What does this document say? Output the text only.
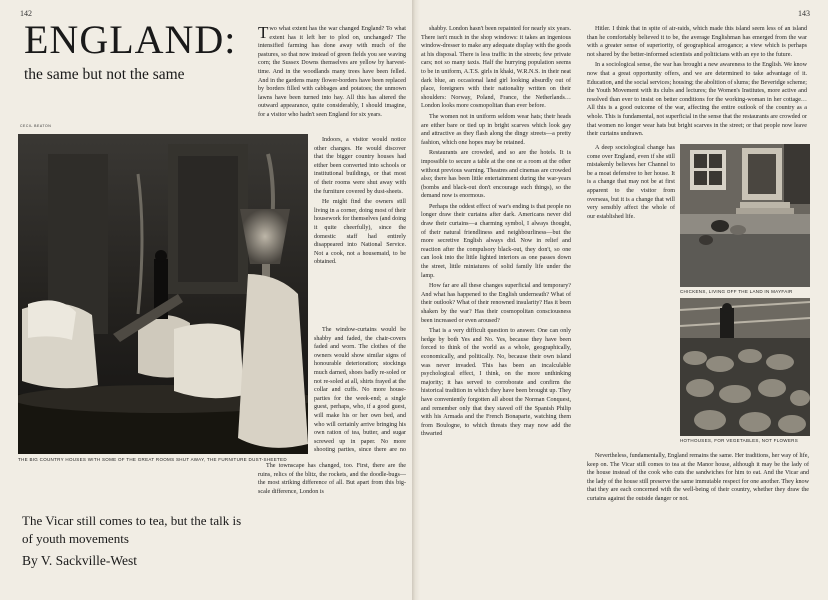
142
ENGLAND:
the same but not the same
CECIL BEATON
THE BIG COUNTRY HOUSES WITH SOME OF THE GREAT ROOMS SHUT AWAY, THE FURNITURE DUST-SHEETED
The Vicar still comes to tea, but the talk is of youth movements
By V. Sackville-West

Two what extent has the war changed England? To what extent has it left her to plod on, unchanged? The intensified farming has done away with much of the pastures, so that now instead of green fields you see waving corn; the Sussex Downs themselves are yellow by harvest-time. And in the woodlands many trees have been felled. And in the gardens many flower-borders have been replaced by borders filled with cabbages and potatoes; the unmown lawns have been turned into hay. All this has altered the outward appearance, quite considerably, I should imagine, for a visitor who hadn't seen England for six years.

Indoors, a visitor would notice other changes. He would discover that the bigger country houses had either been converted into schools or institutional buildings, or that most of their rooms were shut away with the furniture covered by dust-sheets.

He might find the owners still living in a corner, doing most of their housework for themselves (and doing it quite cheerfully), since the domestic staff had entirely disappeared into National Service. Not a cook, not a housemaid, to be obtained.

The window-curtains would be shabby and faded, the chair-covers faded and worn. The clothes of the owners would show similar signs of honourable deterioration; stockings much darned, shoes badly re-soled or not re-soled at all, shirts frayed at the collar and cuffs. No more house-parties for the week-end; a single guest, perhaps, who, if a good guest, will make his or her own bed, and who will certainly arrive bringing his own ration of tea, butter, and sugar screwed up in paper. No more shooting parties, since there are no

The townscape has changed, too. First, there are the ruins, relics of the blitz, the rockets, and the doodle-bugs—the most striking difference of all. But apart from this big-scale difference, London is

143

shabby. London hasn't been repainted for nearly six years. There isn't much in the shop windows: it takes an ingenious window-dresser to make any adequate display with the goods at his disposal. There is less traffic in the streets; few private cars; not so many taxis. Half the hurrying population seems to be in uniform, A.T.S. girls in khaki, W.R.N.S. in their neat dark blue, an occasional land girl looking absurdly out of place, foreigners with their nationality written on their shoulders: Norway, Poland, France, the Netherlands…London looks more cosmopolitan than ever before.

The women not in uniform seldom wear hats; their heads are either bare or tied up in bright scarves which look gay and attractive as they flash along the dingy streets—a pretty fashion, which one hopes may be retained.

Restaurants are crowded, and so are the hotels. It is impossible to secure a table at the one or a room at the other without previous warning. Theatres and cinemas are crowded also; there has been little entertainment during the war-years (bombs and black-out don't encourage such things), so the demand now is enormous.

Perhaps the oddest effect of war's ending is that people no longer draw their curtains after dark. Americans never did draw their curtains—a charming symbol, I always thought, of their natural friendliness and neighbourliness—but the more secretive English always did. Now in relief and reaction after the compulsory black-out, they don't, so one can look into the little lighted interiors as one passes down the street, little miniatures of solid family life under the lamp.

How far are all these changes superficial and temporary? And what has happened to the English underneath? What of their outlook? What of their renowned insularity? Has it been shaken by the war? Has their cosmopolitan consciousness been increased or even aroused?

That is a very difficult question to answer. One can only hedge by both Yes and No. Yes, because they have been forced to think of the world as a whole, geographically, economically, and politically. No, because their own island was never invaded. This has been an incalculable psychological effect, I think, on the more unthinking majority; it has served to corroborate and confirm the historical tradition in which they have been brought up. They have conveniently forgotten all about the Norman Conquest, and remember only that they staved off the Spanish Philip with his Armada and the French Bonaparte, watching them from Boulogne, to which threats they may now add the thwarted

Hitler. I think that in spite of air-raids, which made this island seem less of an island than he comfortably believed it to be, the average Englishman has emerged from the war with a greater sense of superiority, of geographical arrogance; a view which is perhaps not shared by the better-informed scientists and politicians with an eye to the future.

In a sociological sense, the war has brought a new awareness to the English. We know now that a great opportunity offers, and we are determined to take advantage of it. Education, and the social services; housing; the abolition of slums; the Beveridge scheme; the Youth Movement with its clubs and lectures; the Women's Institutes, more active and resolved than ever to insist on better conditions for the working-woman in her cottage…All this is a good outcome of the war, affecting the entire outlook of the country as a whole. This is fundamental, not superficial in the sense that the restaurants are crowded or that women no longer wear hats but bright scarves in the street; or that people now leave their curtains undrawn.

CHICKENS, LIVING OFF THE LAND IN MAYFAIR

A deep sociological change has come over England, even if she still mistakenly believes her Channel to be a moat defensive to her house. It is a change that may not be at first apparent to the visitor from overseas, but it is a change that will very sensibly affect the whole of our established life.

HOTHOUSES, FOR VEGETABLES, NOT FLOWERS

Nevertheless, fundamentally, England remains the same. Her traditions, her way of life, keep on. The Vicar still comes to tea at the Manor house, although it may be the lady of the house instead of the cook who cuts the sandwiches for him to eat. And the Vicar and the lady of the house still preserve the same immutable respect for one another. They know that they are each concerned with the well-being of their country, whether they draw the curtains against the outside danger or not.
